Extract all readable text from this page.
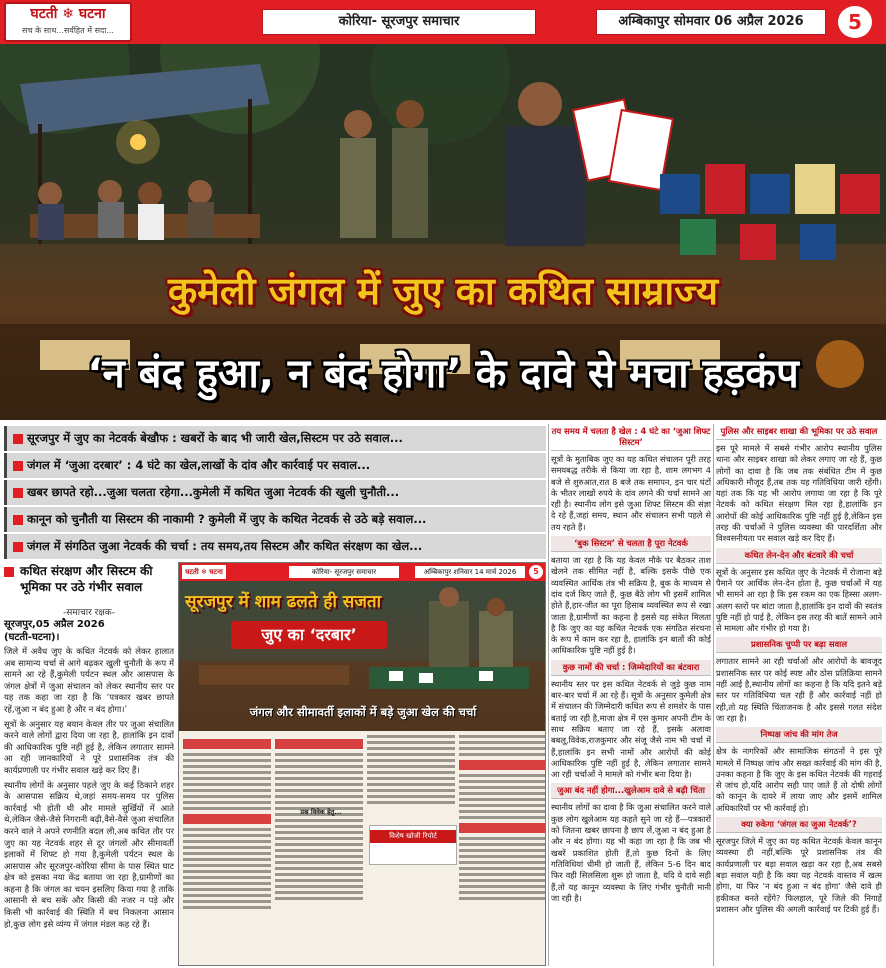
घटती ❄ घटना
सच के साथ...सर्वहित में सदा...
कोरिया- सूरजपुर समाचार	अम्बिकापुर सोमवार 06 अप्रैल 2026	5
कुमेली जंगल में जुए का कथित साम्राज्य
‘न बंद हुआ, न बंद होगा’ के दावे से मचा हड़कंप
सूरजपुर में जुए का नेटवर्क बेखौफ : खबरों के बाद भी जारी खेल,सिस्टम पर उठे सवाल...
जंगल में ‘जुआ दरबार’ : 4 घंटे का खेल,लाखों के दांव और कार्रवाई पर सवाल...
खबर छापते रहो...जुआ चलता रहेगा...कुमेली में कथित जुआ नेटवर्क की खुली चुनौती...
कानून को चुनौती या सिस्टम की नाकामी ? कुमेली में जुए के कथित नेटवर्क से उठे बड़े सवाल...
जंगल में संगठित जुआ नेटवर्क की चर्चा : तय समय,तय सिस्टम और कथित संरक्षण का खेल...
कथित संरक्षण और सिस्टम की भूमिका पर उठे गंभीर सवाल
-समाचार रक्षक-
सूरजपुर,05 अप्रैल 2026
(घटती-घटना)।

जिले में अवैध जुए के कथित नेटवर्क को लेकर हालात अब सामान्य चर्चा से आगे बढ़कर खुली चुनौती के रूप में सामने आ रहे हैं,कुमेली पर्यटन स्थल और आसपास के जंगल क्षेत्रों में जुआ संचालन को लेकर स्थानीय स्तर पर यह तक कहा जा रहा है कि ‘पत्रकार खबर छापते रहें,जुआ न बंद हुआ है और न बंद होगा।’

सूत्रों के अनुसार यह बयान केवल तीर पर जुआ संचालित करने वाले लोगों द्वारा दिया जा रहा है, हालांकि इन दावों की आधिकारिक पुष्टि नहीं हुई है, लेकिन लगातार सामने आ रही जानकारियों ने पूरे प्रशासनिक तंत्र की कार्यप्रणाली पर गंभीर सवाल खड़े कर दिए हैं।

स्थानीय लोगों के अनुसार पहले जुए के कई ठिकाने शहर के आसपास सक्रिय थे,जहां समय-समय पर पुलिस कार्रवाई भी होती थी और मामले सुर्खियों में आते थे,लेकिन जैसे-जैसे निगरानी बढ़ी,वैसे-वैसे जुआ संचालित करने वाले ने अपने रणनीति बदल ली,अब कथित तौर पर जुए का यह नेटवर्क शहर से दूर जंगलों और सीमावर्ती इलाकों में शिफ्ट हो गया है,कुमेली पर्यटन स्थल के आसपास और सूरजपुर-कोरिया सीमा के पास स्थित घाट क्षेत्र को इसका नया केंद्र बताया जा रहा है,ग्रामीणों का कहना है कि जंगल का चयन इसलिए किया गया है ताकि आसानी से बच सकें और किसी की नजर न पड़े और किसी भी कार्रवाई की स्थिति में बच निकलना आसान हो,कुछ लोग इसे व्यंग्य में जंगल मंडल कह रहे हैं।

घटती ❄ घटना	कोरिया- सूरजपुर समाचार	अम्बिकापुर शनिवार 14 मार्च 2026	5
सूरजपुर में शाम ढलते ही सजता
जुए का ‘दरबार’
जंगल और सीमावर्ती इलाकों में बड़े जुआ खेल की चर्चा
प्रश्न विवेक हेतु...
विशेष खोजी रिपोर्ट
तय समय में चलता है खेल : 4 घंटे का ‘जुआ शिफ्ट सिस्टम’
सूत्रों के मुताबिक जुए का यह कथित संचालन पूरी तरह समयबद्ध तरीके से किया जा रहा है, शाम लगभग 4 बजे से शुरुआत,रात 8 बजे तक समापन, इन चार घंटों के भीतर लाखों रुपये के दांव लगने की चर्चा सामने आ रही है। स्थानीय लोग इसे जुआ शिफ्ट सिस्टम की संज्ञा दे रहे हैं,जहां समय, स्थान और संचालन सभी पहले से तय रहते हैं।
‘बुक सिस्टम’ से चलता है पूरा नेटवर्क
बताया जा रहा है कि यह केवल मौके पर बैठकर ताश खेलने तक सीमित नहीं है, बल्कि इसके पीछे एक व्यवस्थित आर्थिक तंत्र भी सक्रिय है, बुक के माध्यम से दांव दर्ज किए जाते हैं, कुछ बैठे लोग भी इसमें शामिल होते हैं,हार-जीत का पूरा हिसाब व्यवस्थित रूप से रखा जाता है,ग्रामीणों का कहना है इससे यह संकेत मिलता है कि जुए का यह कथित नेटवर्क एक संगठित संरचना के रूप में काम कर रहा है, हालांकि इन बातों की कोई आधिकारिक पुष्टि नहीं हुई है।
कुछ नामों की चर्चा : जिम्मेदारियों का बंटवारा
स्थानीय स्तर पर इस कथित नेटवर्क से जुड़े कुछ नाम बार-बार चर्चा में आ रहे हैं। सूत्रों के अनुसार कुमेली क्षेत्र में संचालन की जिम्मेदारी कथित रूप से शमशेर के पास बताई जा रही है,माजा क्षेत्र में एस कुमार अपनी टीम के साथ सक्रिय बताए जा रहे हैं, इसके अलावा बबलू,विवेक,राजकुमार और संजू जैसे नाम भी चर्चा में हैं,हालांकि इन सभी नामों और आरोपों की कोई आधिकारिक पुष्टि नहीं हुई है, लेकिन लगातार सामने आ रही चर्चाओं ने मामले को गंभीर बना दिया है।
जुआ बंद नहीं होगा...खुलेआम दावे से बढ़ी चिंता
स्थानीय लोगों का दावा है कि जुआ संचालित करने वाले कुछ लोग खुलेआम यह कहते सुने जा रहे हैं—पत्रकारों को जितना खबर छापना है छाप लें,जुआ न बंद हुआ है और न बंद होगा। यह भी कहा जा रहा है कि जब भी खबरें प्रकाशित होती हैं,तो कुछ दिनों के लिए गतिविधियां धीमी हो जाती हैं, लेकिन 5-6 दिन बाद फिर वही सिलसिला शुरू हो जाता है, यदि ये दावे सही हैं,तो यह कानून व्यवस्था के लिए गंभीर चुनौती मानी जा रही है।
पुलिस और साइबर शाखा की भूमिका पर उठे सवाल
इस पूरे मामले में सबसे गंभीर आरोप स्थानीय पुलिस थाना और साइबर शाखा को लेकर लगाए जा रहे हैं, कुछ लोगों का दावा है कि जब तक संबंधित टीम में कुछ अधिकारी मौजूद हैं,तब तक यह गतिविधिया जारी रहेंगी। यहां तक कि यह भी आरोप लगाया जा रहा है कि पूरे नेटवर्क को कथित संरक्षण मिल रहा है,हालांकि इन आरोपों की कोई आधिकारिक पुष्टि नहीं हुई है,लेकिन इस तरह की चर्चाओं ने पुलिस व्यवस्था की पारदर्शिता और विश्वसनीयता पर सवाल खड़े कर दिए हैं।
कथित लेन-देन और बंटवारे की चर्चा
सूत्रों के अनुसार इस कथित जुए के नेटवर्क में रोजाना बड़े पैमाने पर आर्थिक लेन-देन होता है, कुछ चर्चाओं में यह भी सामने आ रहा है कि इस रकम का एक हिस्सा अलग-अलग स्तरों पर बांटा जाता है,हालांकि इन दावों की स्वतंत्र पुष्टि नहीं हो पाई है, लेकिन इस तरह की बातें सामने आने से मामला और गंभीर हो गया है।
प्रशासनिक चुप्पी पर बढ़ा सवाल
लगातार सामने आ रही चर्चाओं और आरोपों के बावजूद प्रशासनिक स्तर पर कोई स्पष्ट और ठोस प्रतिक्रिया सामने नहीं आई है,स्थानीय लोगों का कहना है कि यदि इतने बड़े स्तर पर गतिविधिया चल रही हैं और कार्रवाई नहीं हो रही,तो यह स्थिति चिंताजनक है और इससे गलत संदेश जा रहा है।
निष्पक्ष जांच की मांग तेज
क्षेत्र के नागरिकों और सामाजिक संगठनों ने इस पूरे मामले में निष्पक्ष जांच और सख्त कार्रवाई की मांग की है, उनका कहना है कि जुए के इस कथित नेटवर्क की गहराई से जांच हो,यदि आरोप सही पाए जाते हैं तो दोषी लोगों को कानून के दायरे में लाया जाए और इसमें शामिल अधिकारियों पर भी कार्रवाई हो।
क्या रुकेगा ‘जंगल का जुआ नेटवर्क’?
सूरजपुर जिले में जुए का यह कथित नेटवर्क़ केवल कानून व्यवस्था ही नहीं,बल्कि पूरे प्रशासनिक तंत्र की कार्यप्रणाली पर बड़ा सवाल खड़ा कर रहा है,अब सबसे बड़ा सवाल यही है कि क्या यह नेटवर्क वास्तव में खत्म होगा, या फिर ‘न बंद हुआ न बंद होगा’ जैसे दावे ही हकीकत बनते रहेंगे? फिलहाल, पूरे जिले की निगाहें प्रशासन और पुलिस की अगली कार्रवाई पर टिकी हुई हैं।
